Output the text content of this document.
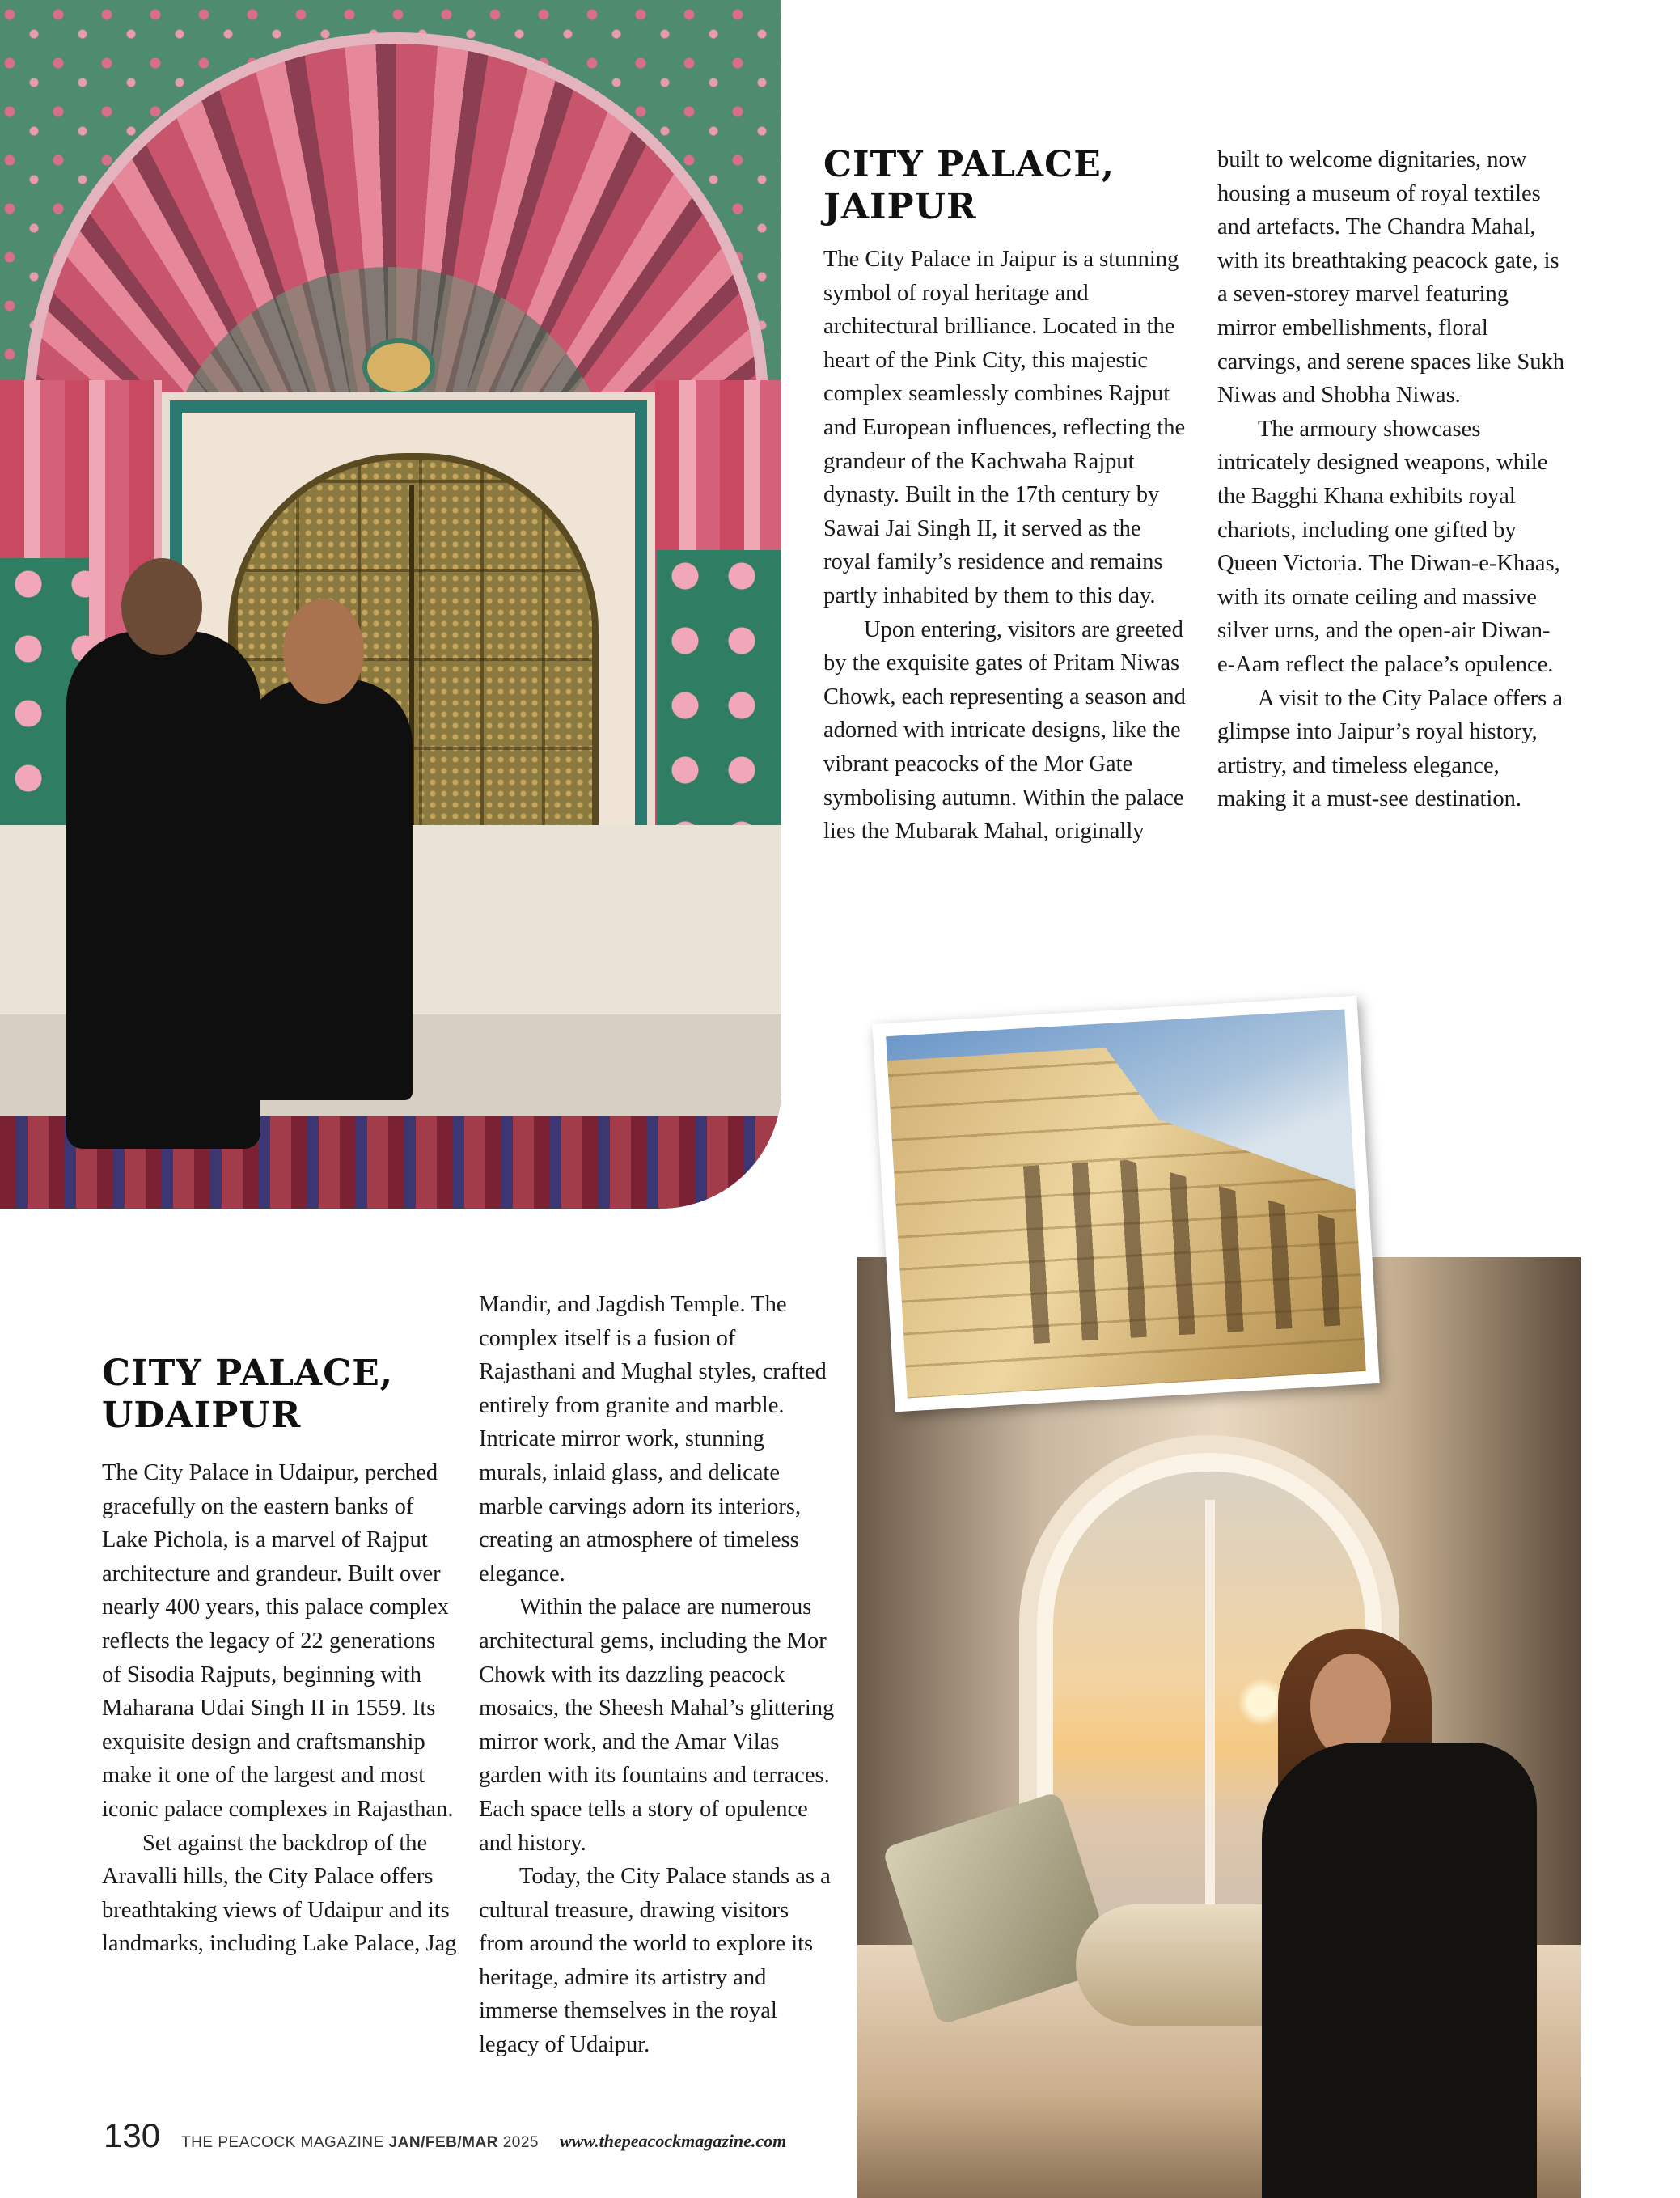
CITY PALACE,
JAIPUR

The City Palace in Jaipur is a stunning symbol of royal heritage and architectural brilliance. Located in the heart of the Pink City, this majestic complex seamlessly combines Rajput and European influences, reflecting the grandeur of the Kachwaha Rajput dynasty. Built in the 17th century by Sawai Jai Singh II, it served as the royal family’s residence and remains partly inhabited by them to this day.

Upon entering, visitors are greeted by the exquisite gates of Pritam Niwas Chowk, each representing a season and adorned with intricate designs, like the vibrant peacocks of the Mor Gate symbolising autumn. Within the palace lies the Mubarak Mahal, originally

built to welcome dignitaries, now housing a museum of royal textiles and artefacts. The Chandra Mahal, with its breathtaking peacock gate, is a seven-storey marvel featuring mirror embellishments, floral carvings, and serene spaces like Sukh Niwas and Shobha Niwas.

The armoury showcases intricately designed weapons, while the Bagghi Khana exhibits royal chariots, including one gifted by Queen Victoria. The Diwan-e-Khaas, with its ornate ceiling and massive silver urns, and the open-air Diwan-e-Aam reflect the palace’s opulence.

A visit to the City Palace offers a glimpse into Jaipur’s royal history, artistry, and timeless elegance, making it a must-see destination.

CITY PALACE,
UDAIPUR

The City Palace in Udaipur, perched gracefully on the eastern banks of Lake Pichola, is a marvel of Rajput architecture and grandeur. Built over nearly 400 years, this palace complex reflects the legacy of 22 generations of Sisodia Rajputs, beginning with Maharana Udai Singh II in 1559. Its exquisite design and craftsmanship make it one of the largest and most iconic palace complexes in Rajasthan.

Set against the backdrop of the Aravalli hills, the City Palace offers breathtaking views of Udaipur and its landmarks, including Lake Palace, Jag

Mandir, and Jagdish Temple. The complex itself is a fusion of Rajasthani and Mughal styles, crafted entirely from granite and marble. Intricate mirror work, stunning murals, inlaid glass, and delicate marble carvings adorn its interiors, creating an atmosphere of timeless elegance.

Within the palace are numerous architectural gems, including the Mor Chowk with its dazzling peacock mosaics, the Sheesh Mahal’s glittering mirror work, and the Amar Vilas garden with its fountains and terraces. Each space tells a story of opulence and history.

Today, the City Palace stands as a cultural treasure, drawing visitors from around the world to explore its heritage, admire its artistry and immerse themselves in the royal legacy of Udaipur.

130 THE PEACOCK MAGAZINE JAN/FEB/MAR 2025 www.thepeacockmagazine.com
